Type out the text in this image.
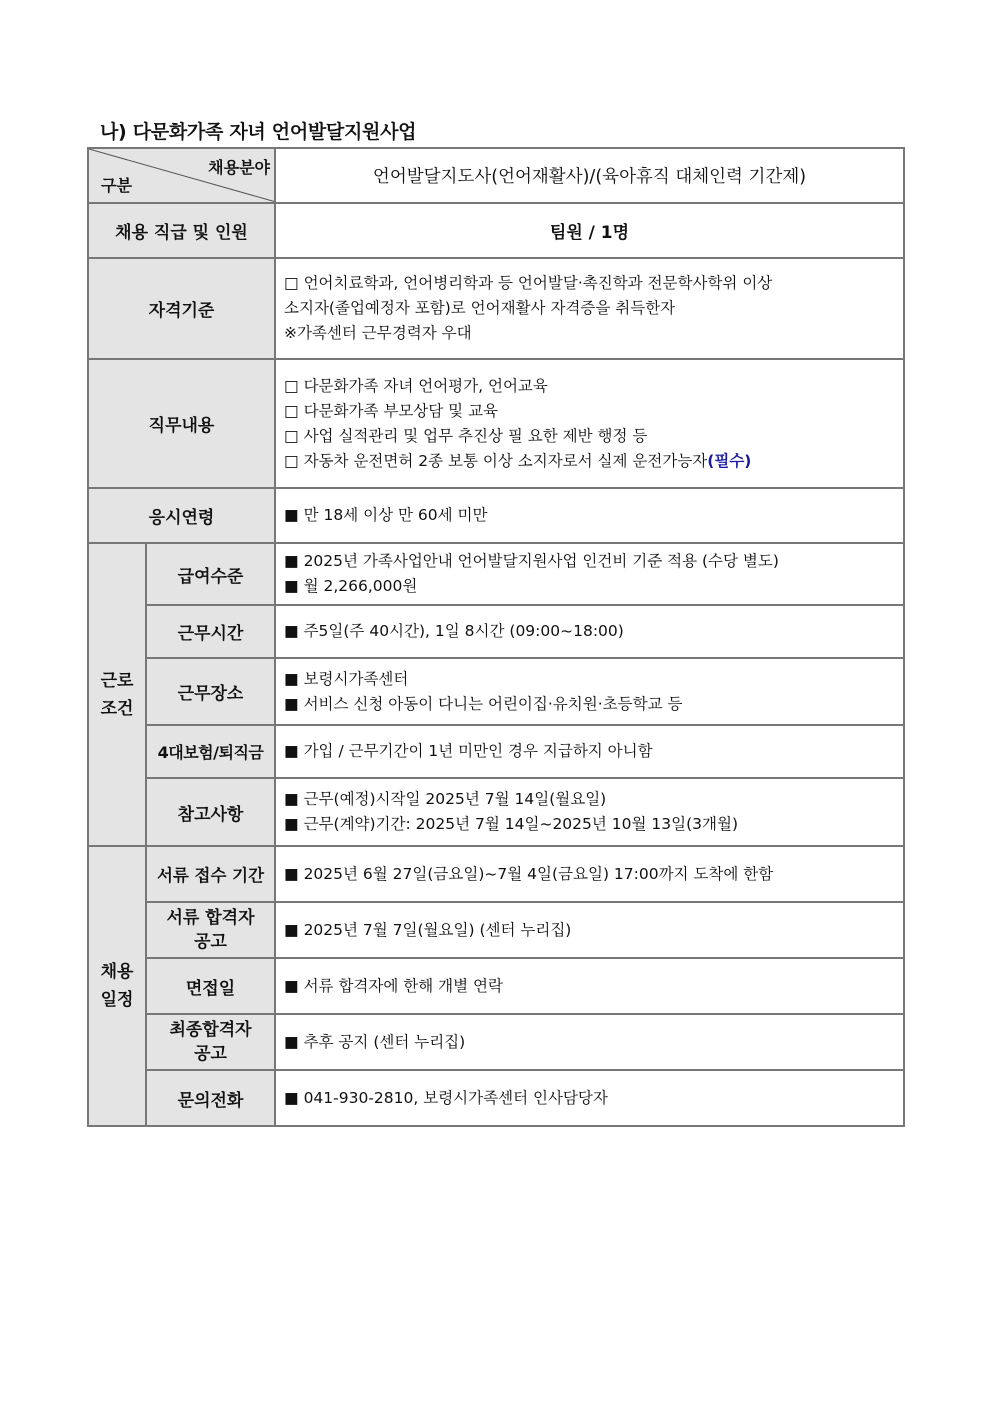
나) 다문화가족 자녀 언어발달지원사업
채용분야
구분		언어발달지도사(언어재활사)/(육아휴직 대체인력 기간제)
채용 직급 및 인원		팀원 / 1명
자격기준		□ 언어치료학과, 언어병리학과 등 언어발달·촉진학과 전문학사학위 이상
소지자(졸업예정자 포함)로 언어재활사 자격증을 취득한자
※가족센터 근무경력자 우대

직무내용		□ 다문화가족 자녀 언어평가, 언어교육
□ 다문화가족 부모상담 및 교육
□ 사업 실적관리 및 업무 추진상 필 요한 제반 행정 등
□ 자동차 운전면허 2종 보통 이상 소지자로서 실제 운전가능자(필수)

응시연령		■ 만 18세 이상 만 60세 미만

근로
조건	급여수준	■ 2025년 가족사업안내 언어발달지원사업 인건비 기준 적용 (수당 별도)
■ 월 2,266,000원

	근무시간	■ 주5일(주 40시간), 1일 8시간 (09:00~18:00)
	근무장소	■ 보령시가족센터
■ 서비스 신청 아동이 다니는 어린이집·유치원·초등학교 등

	4대보험/퇴직금	■ 가입 / 근무기간이 1년 미만인 경우 지급하지 아니함
	참고사항	■ 근무(예정)시작일 2025년 7월 14일(월요일)
■ 근무(계약)기간: 2025년 7월 14일~2025년 10월 13일(3개월)

채용
일정	서류 접수 기간	■ 2025년 6월 27일(금요일)~7월 4일(금요일) 17:00까지 도착에 한함

	서류 합격자
공고	■ 2025년 7월 7일(월요일) (센터 누리집)
	면접일	■ 서류 합격자에 한해 개별 연락

	최종합격자
공고	■ 추후 공지 (센터 누리집)
	문의전화	■ 041-930-2810, 보령시가족센터 인사담당자
